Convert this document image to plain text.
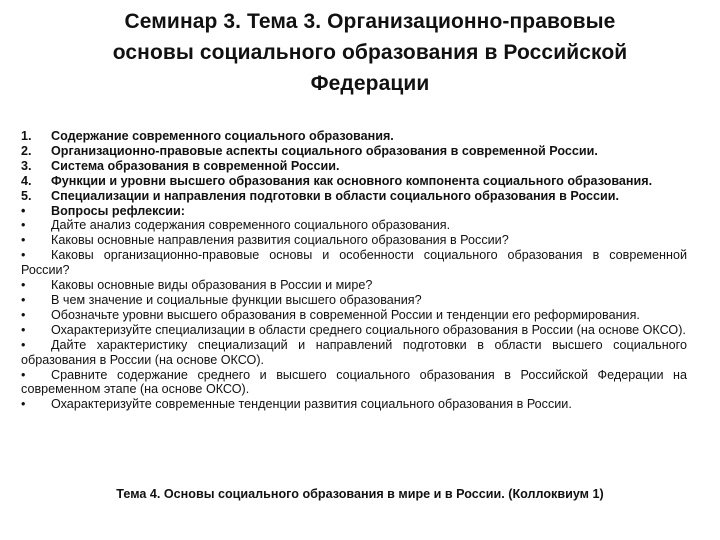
Семинар 3. Тема 3. Организационно-правовые
основы социального образования в Российской
Федерации
1. Содержание современного социального образования.
2. Организационно-правовые аспекты социального образования в современной России.
3. Система образования в современной России.
4. Функции и уровни высшего образования как основного компонента социального образования.
5. Специализации и направления подготовки в области социального образования в России.
• Вопросы рефлексии:
• Дайте анализ содержания современного социального образования.
• Каковы основные направления развития социального образования в России?
• Каковы организационно-правовые основы и особенности социального образования в современной России?
• Каковы основные виды образования в России и мире?
• В чем значение и социальные функции высшего образования?
• Обозначьте уровни высшего образования в современной России и тенденции его реформирования.
• Охарактеризуйте специализации в области среднего социального образования в России (на основе ОКСО).
• Дайте характеристику специализаций и направлений подготовки в области высшего социального образования в России (на основе ОКСО).
• Сравните содержание среднего и высшего социального образования в Российской Федерации на современном этапе (на основе ОКСО).
• Охарактеризуйте современные тенденции развития социального образования в России.
Тема 4. Основы социального образования в мире и в России. (Коллоквиум 1)
